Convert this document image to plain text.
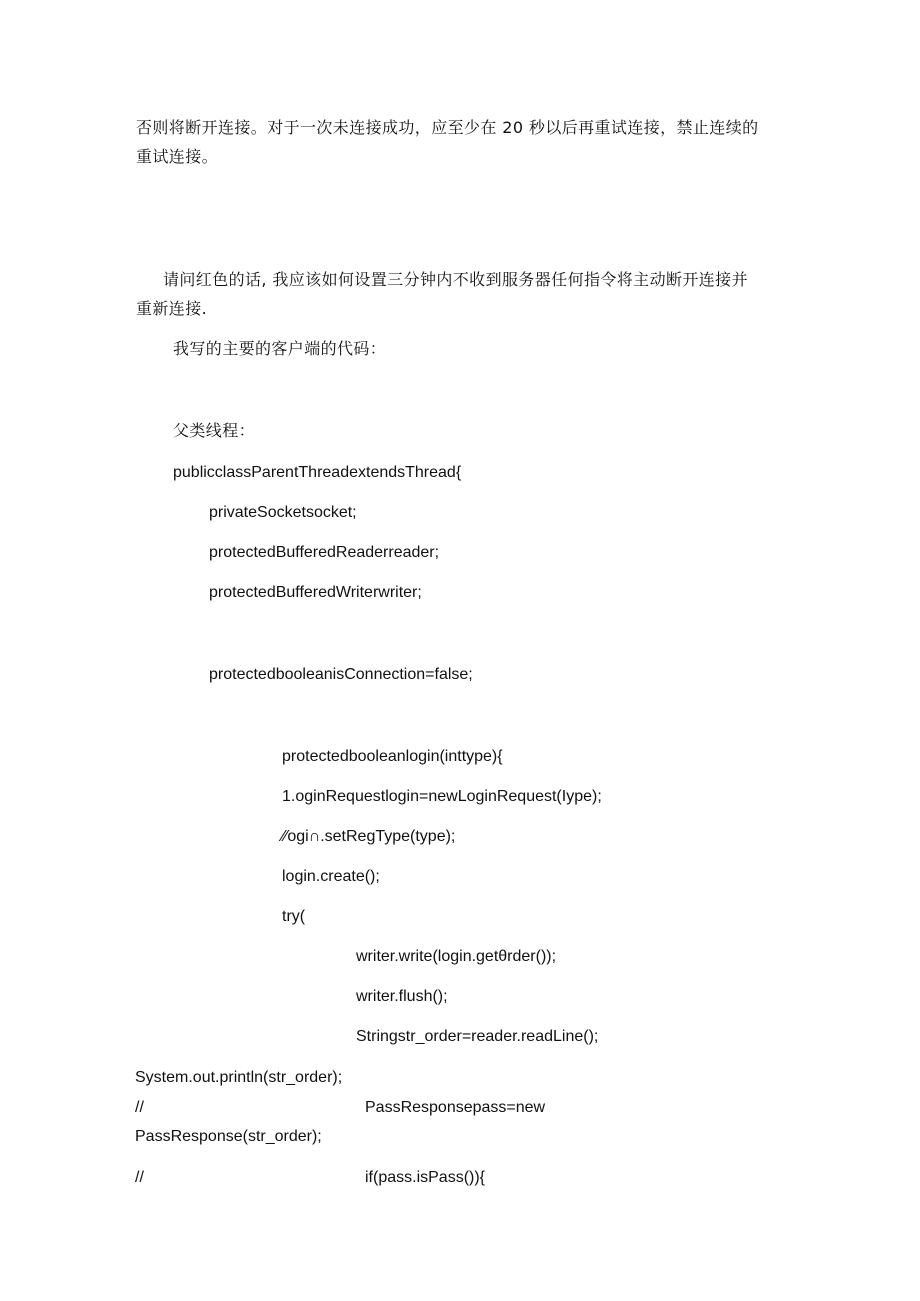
否则将断开连接。对于一次未连接成功，应至少在 20 秒以后再重试连接，禁止连续的

重试连接。

请问红色的话, 我应该如何设置三分钟内不收到服务器任何指令将主动断开连接并

重新连接.

我写的主要的客户端的代码：

父类线程：

publicclassParentThreadextendsThread{

privateSocketsocket;

protectedBufferedReaderreader;

protectedBufferedWriterwriter;

protectedbooleanisConnection=false;

protectedbooleanlogin(inttype){

1.oginRequestlogin=newLoginRequest(Iype);

∕∕ogi∩.setRegType(type);

login.create();

try(

writer.write(login.getθrder());

writer.flush();

Stringstr_order=reader.readLine();

System.out.println(str_order);

//	PassResponsepass=new

PassResponse(str_order);

//	if(pass.isPass()){
